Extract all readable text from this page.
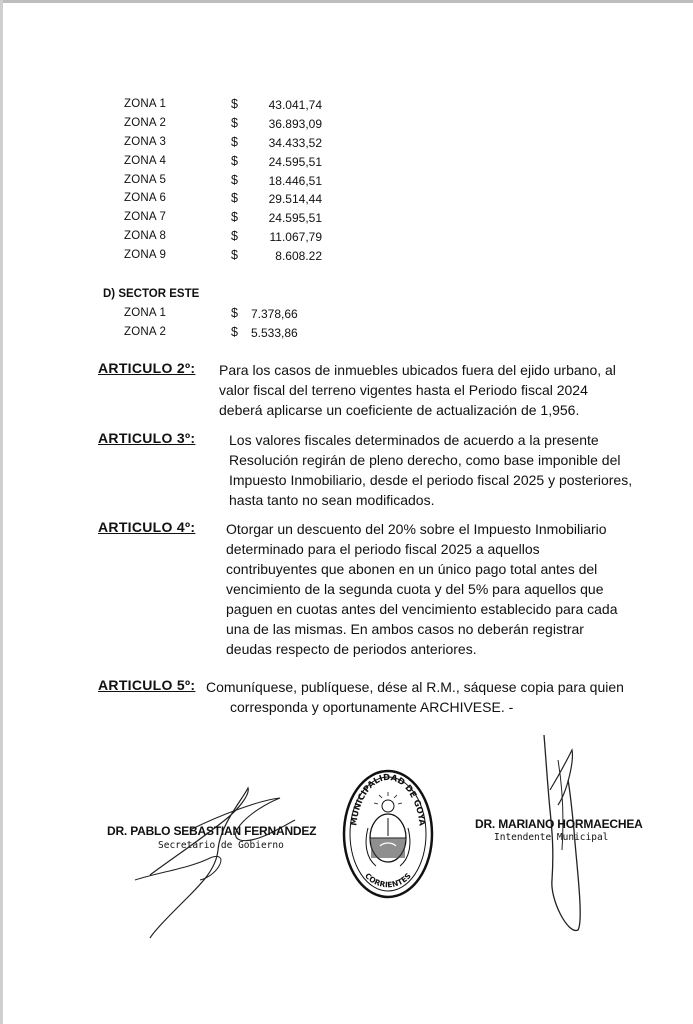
ZONA 1	$	43.041,74
ZONA 2	$	36.893,09
ZONA 3	$	34.433,52
ZONA 4	$	24.595,51
ZONA 5	$	18.446,51
ZONA 6	$	29.514,44
ZONA 7	$	24.595,51
ZONA 8	$	11.067,79
ZONA 9	$	8.608.22
D) SECTOR ESTE
ZONA 1	$ 7.378,66
ZONA 2	$ 5.533,86
ARTICULO 2º: Para los casos de inmuebles ubicados fuera del ejido urbano, al

valor fiscal del terreno vigentes hasta el Periodo fiscal 2024

deberá aplicarse un coeficiente de actualización de 1,956.

ARTICULO 3º: Los valores fiscales determinados de acuerdo a la presente

Resolución regirán de pleno derecho, como base imponible del

Impuesto Inmobiliario, desde el periodo fiscal 2025 y posteriores,

hasta tanto no sean modificados.

ARTICULO 4º: Otorgar un descuento del 20% sobre el Impuesto Inmobiliario

determinado para el periodo fiscal 2025 a aquellos

contribuyentes que abonen en un único pago total antes del

vencimiento de la segunda cuota y del 5% para aquellos que

paguen en cuotas antes del vencimiento establecido para cada

una de las mismas. En ambos casos no deberán registrar

deudas respecto de periodos anteriores.

ARTICULO 5º: Comuníquese, publíquese, dése al R.M., sáquese copia para quien

corresponda y oportunamente ARCHIVESE. -

DR. PABLO SEBASTIAN FERNANDEZ
Secretario de Gobierno
MUNICIPALIDAD DE GOYA
CORRIENTES
DR. MARIANO HORMAECHEA
Intendente Municipal
